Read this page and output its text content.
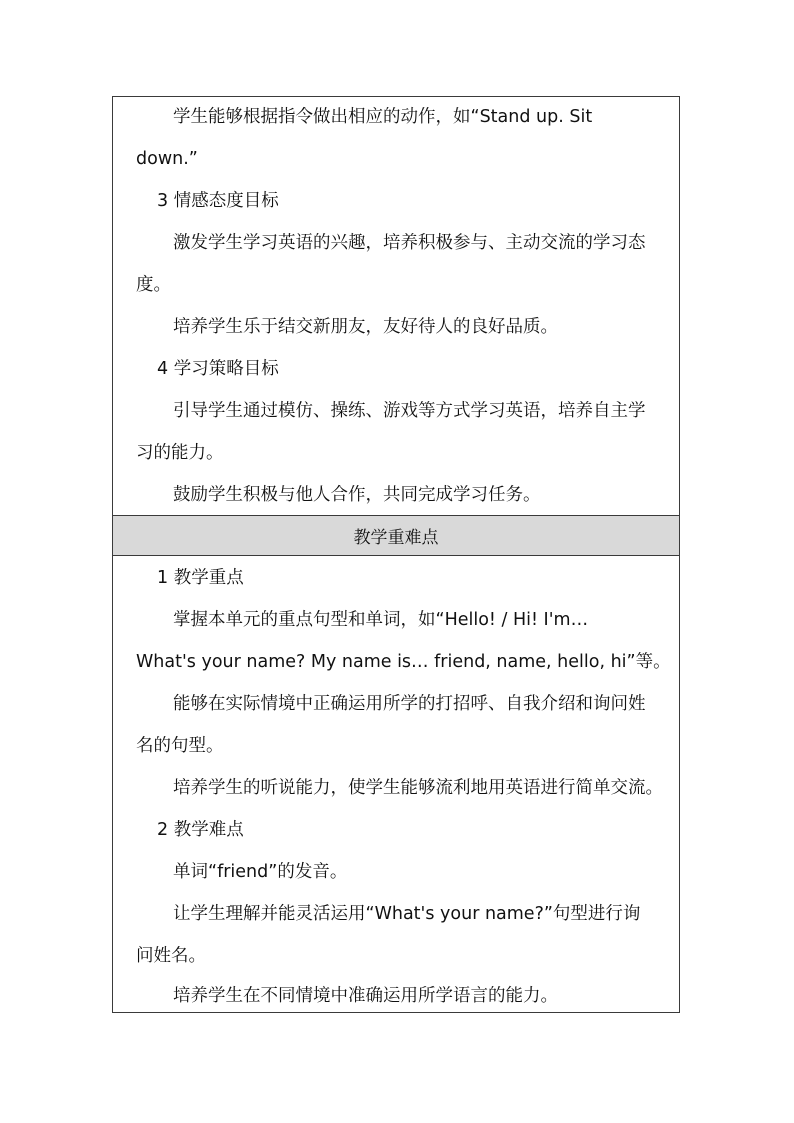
学生能够根据指令做出相应的动作，如“Stand up. Sit
down.”
3 情感态度目标
激发学生学习英语的兴趣，培养积极参与、主动交流的学习态
度。
培养学生乐于结交新朋友，友好待人的良好品质。
4 学习策略目标
引导学生通过模仿、操练、游戏等方式学习英语，培养自主学
习的能力。
鼓励学生积极与他人合作，共同完成学习任务。
教学重难点
1 教学重点
掌握本单元的重点句型和单词，如“Hello! / Hi! I'm…
What's your name? My name is… friend, name, hello, hi”等。
能够在实际情境中正确运用所学的打招呼、自我介绍和询问姓
名的句型。
培养学生的听说能力，使学生能够流利地用英语进行简单交流。
2 教学难点
单词“friend”的发音。
让学生理解并能灵活运用“What's your name?”句型进行询
问姓名。
培养学生在不同情境中准确运用所学语言的能力。
